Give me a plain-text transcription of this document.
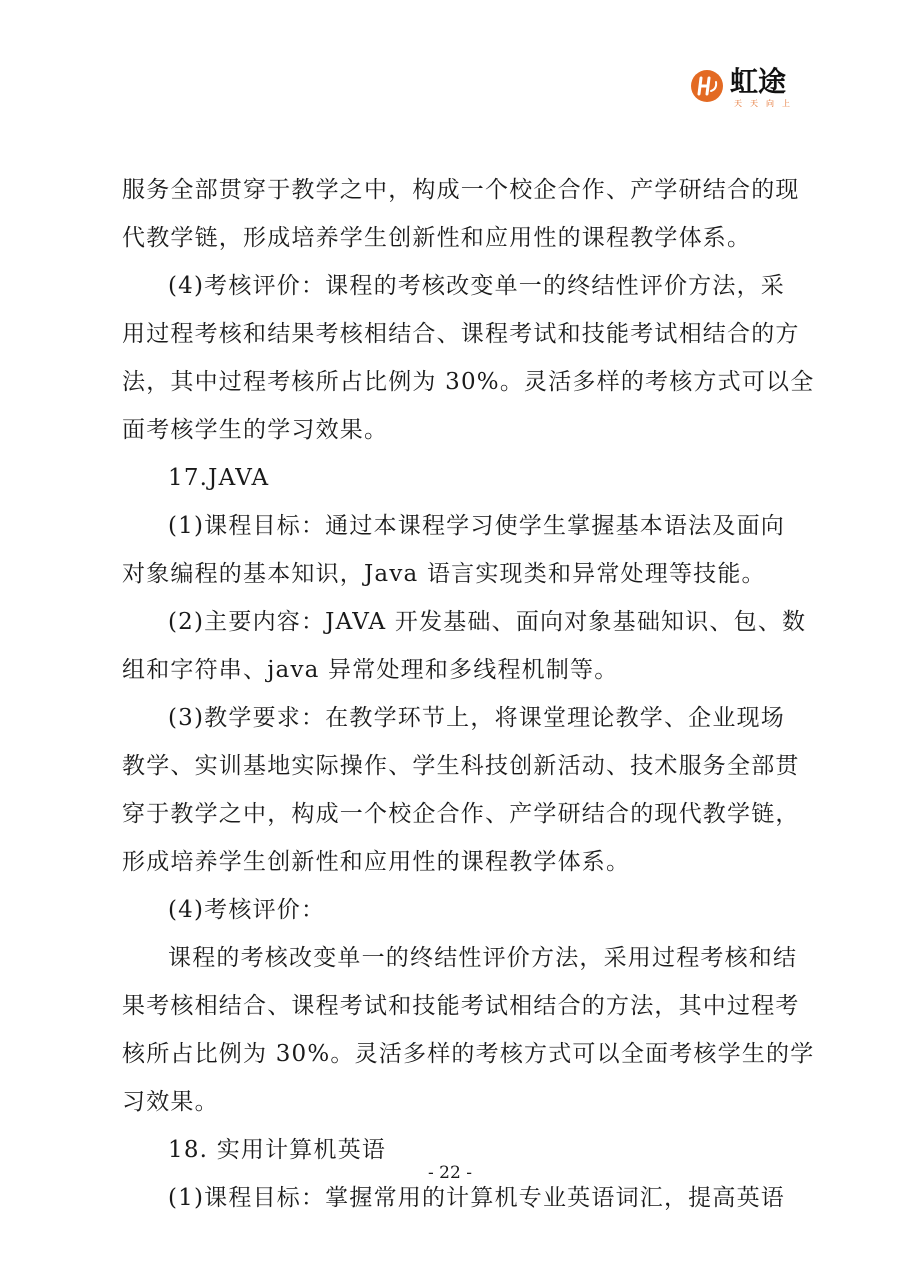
虹途
天天向上
服务全部贯穿于教学之中，构成一个校企合作、产学研结合的现
代教学链，形成培养学生创新性和应用性的课程教学体系。
(4)考核评价：课程的考核改变单一的终结性评价方法，采
用过程考核和结果考核相结合、课程考试和技能考试相结合的方
法，其中过程考核所占比例为 30%。灵活多样的考核方式可以全
面考核学生的学习效果。
17.JAVA
(1)课程目标：通过本课程学习使学生掌握基本语法及面向
对象编程的基本知识，Java 语言实现类和异常处理等技能。
(2)主要内容：JAVA 开发基础、面向对象基础知识、包、数
组和字符串、java 异常处理和多线程机制等。
(3)教学要求：在教学环节上，将课堂理论教学、企业现场
教学、实训基地实际操作、学生科技创新活动、技术服务全部贯
穿于教学之中，构成一个校企合作、产学研结合的现代教学链，
形成培养学生创新性和应用性的课程教学体系。
(4)考核评价：
课程的考核改变单一的终结性评价方法，采用过程考核和结
果考核相结合、课程考试和技能考试相结合的方法，其中过程考
核所占比例为 30%。灵活多样的考核方式可以全面考核学生的学
习效果。
18. 实用计算机英语
(1)课程目标：掌握常用的计算机专业英语词汇，提高英语
- 22 -
